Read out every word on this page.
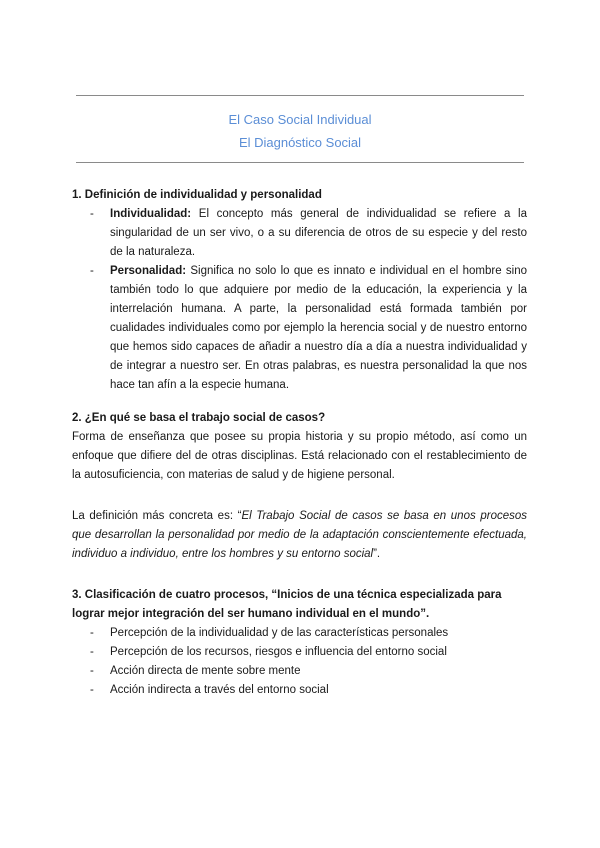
El Caso Social Individual
El Diagnóstico Social

1. Definición de individualidad y personalidad

- Individualidad: El concepto más general de individualidad se refiere a la singularidad de un ser vivo, o a su diferencia de otros de su especie y del resto de la naturaleza.
- Personalidad: Significa no solo lo que es innato e individual en el hombre sino también todo lo que adquiere por medio de la educación, la experiencia y la interrelación humana. A parte, la personalidad está formada también por cualidades individuales como por ejemplo la herencia social y de nuestro entorno que hemos sido capaces de añadir a nuestro día a día a nuestra individualidad y de integrar a nuestro ser. En otras palabras, es nuestra personalidad la que nos hace tan afín a la especie humana.

2. ¿En qué se basa el trabajo social de casos?

Forma de enseñanza que posee su propia historia y su propio método, así como un enfoque que difiere del de otras disciplinas. Está relacionado con el restablecimiento de la autosuficiencia, con materias de salud y de higiene personal.

La definición más concreta es: “El Trabajo Social de casos se basa en unos procesos que desarrollan la personalidad por medio de la adaptación conscientemente efectuada, individuo a individuo, entre los hombres y su entorno social”.

3. Clasificación de cuatro procesos, “Inicios de una técnica especializada para lograr mejor integración del ser humano individual en el mundo”.

- Percepción de la individualidad y de las características personales
- Percepción de los recursos, riesgos e influencia del entorno social
- Acción directa de mente sobre mente
- Acción indirecta a través del entorno social
